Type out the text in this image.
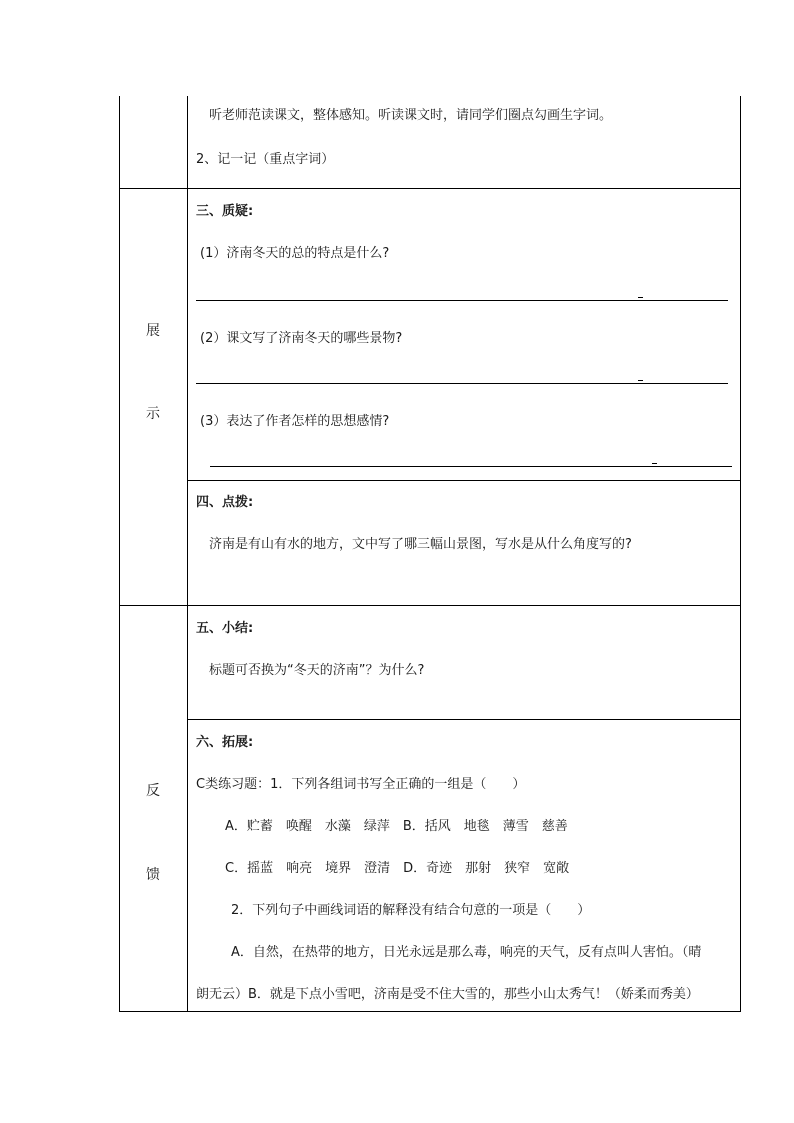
听老师范读课文，整体感知。听读课文时，请同学们圈点勾画生字词。
2、记一记（重点字词）
展
示
三、质疑:
(1）济南冬天的总的特点是什么?
(2）课文写了济南冬天的哪些景物?
(3）表达了作者怎样的思想感情?
四、点拨:
济南是有山有水的地方，文中写了哪三幅山景图，写水是从什么角度写的?
反
馈
五、小结:
标题可否换为“冬天的济南”？为什么?
六、拓展:
C类练习题：1．下列各组词书写全正确的一组是（　　）
A．贮蓄　唤醒　水藻　绿萍　B．括风　地毯　薄雪　慈善
C．摇蓝　响亮　境界　澄清　D．奇迹　那射　狭窄　宽敞
2．下列句子中画线词语的解释没有结合句意的一项是（　　）
A．自然，在热带的地方，日光永远是那么毒，响亮的天气，反有点叫人害怕。（晴
朗无云）B．就是下点小雪吧，济南是受不住大雪的，那些小山太秀气！（娇柔而秀美）
